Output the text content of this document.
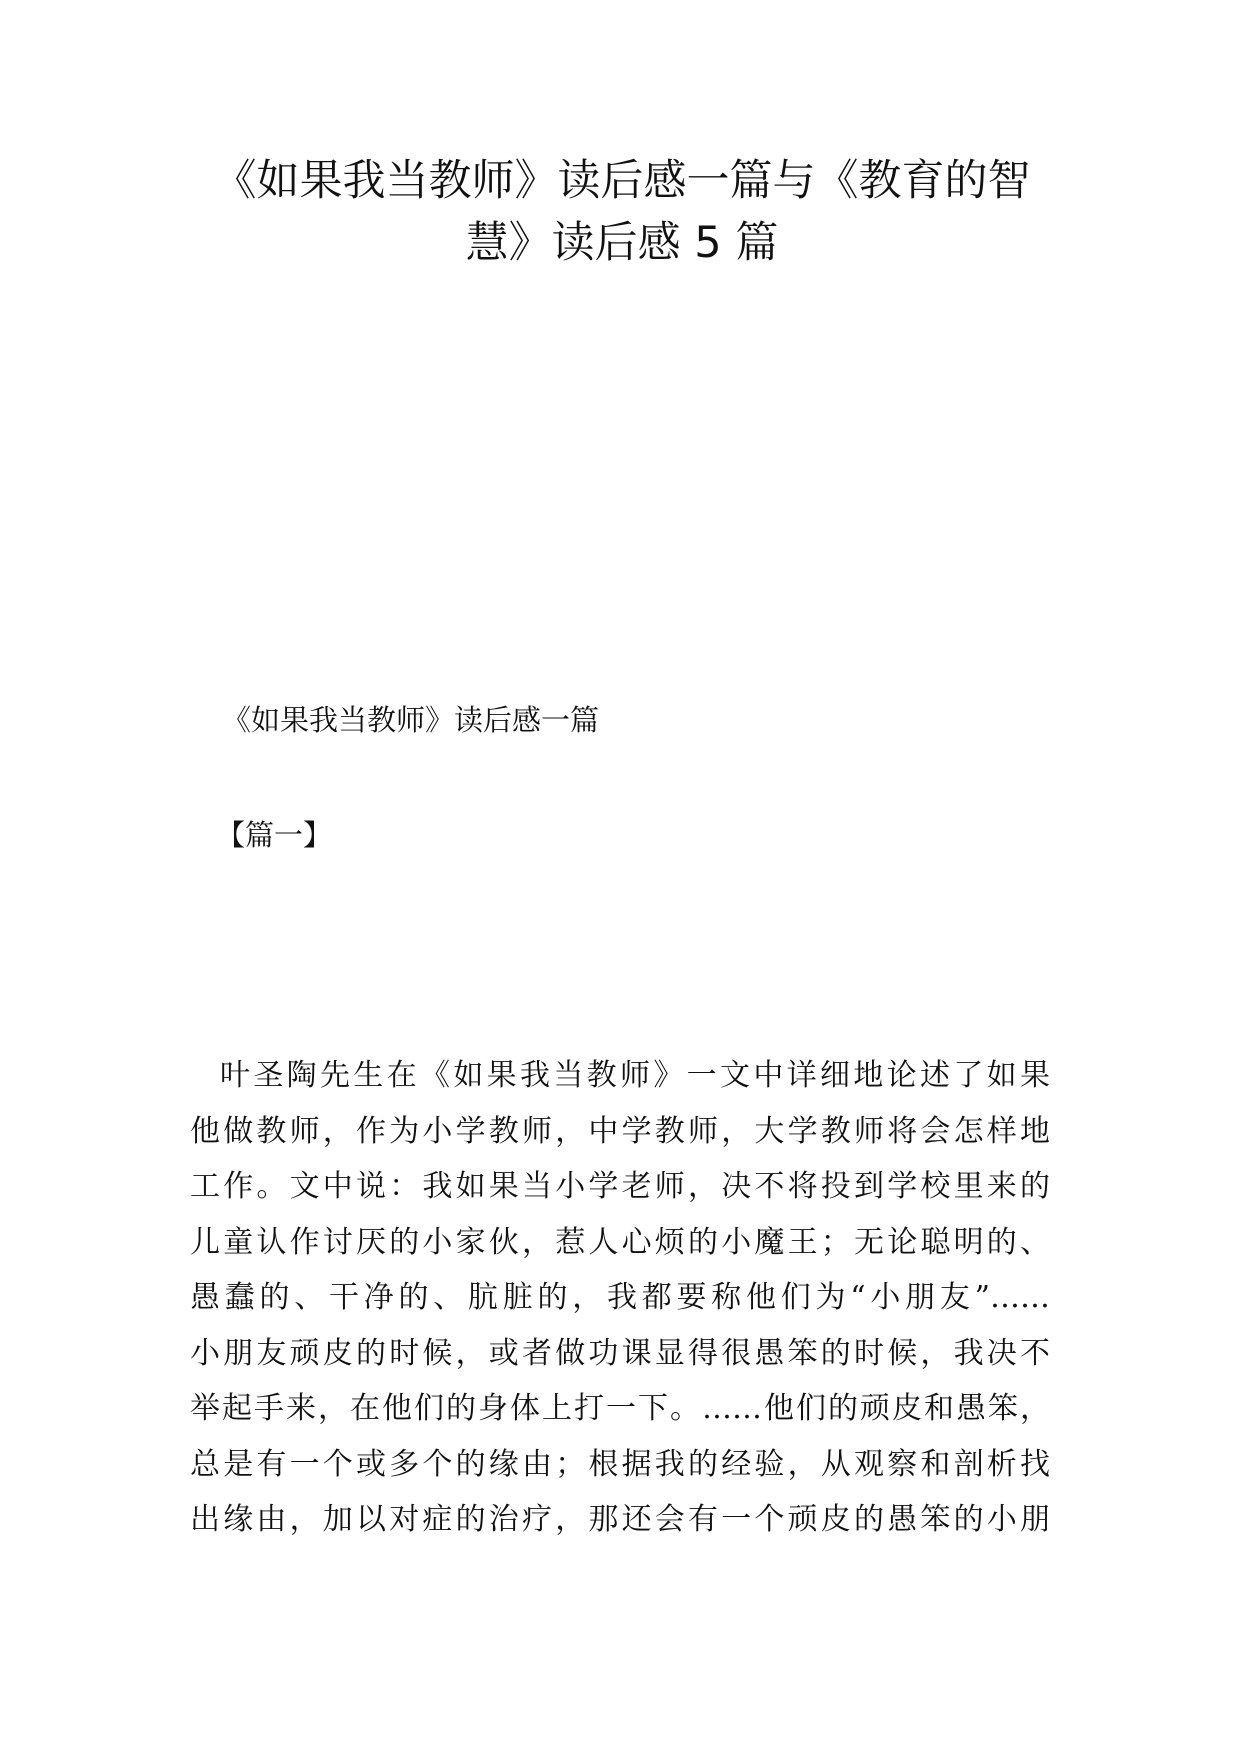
《如果我当教师》读后感一篇与《教育的智
慧》读后感 5 篇

《如果我当教师》读后感一篇

【篇一】

叶圣陶先生在《如果我当教师》一文中详细地论述了如果
他做教师，作为小学教师，中学教师，大学教师将会怎样地
工作。文中说：我如果当小学老师，决不将投到学校里来的
儿童认作讨厌的小家伙，惹人心烦的小魔王；无论聪明的、
愚蠢的、干净的、肮脏的，我都要称他们为“小朋友”……
小朋友顽皮的时候，或者做功课显得很愚笨的时候，我决不
举起手来，在他们的身体上打一下。……他们的顽皮和愚笨，
总是有一个或多个的缘由；根据我的经验，从观察和剖析找
出缘由，加以对症的治疗，那还会有一个顽皮的愚笨的小朋
